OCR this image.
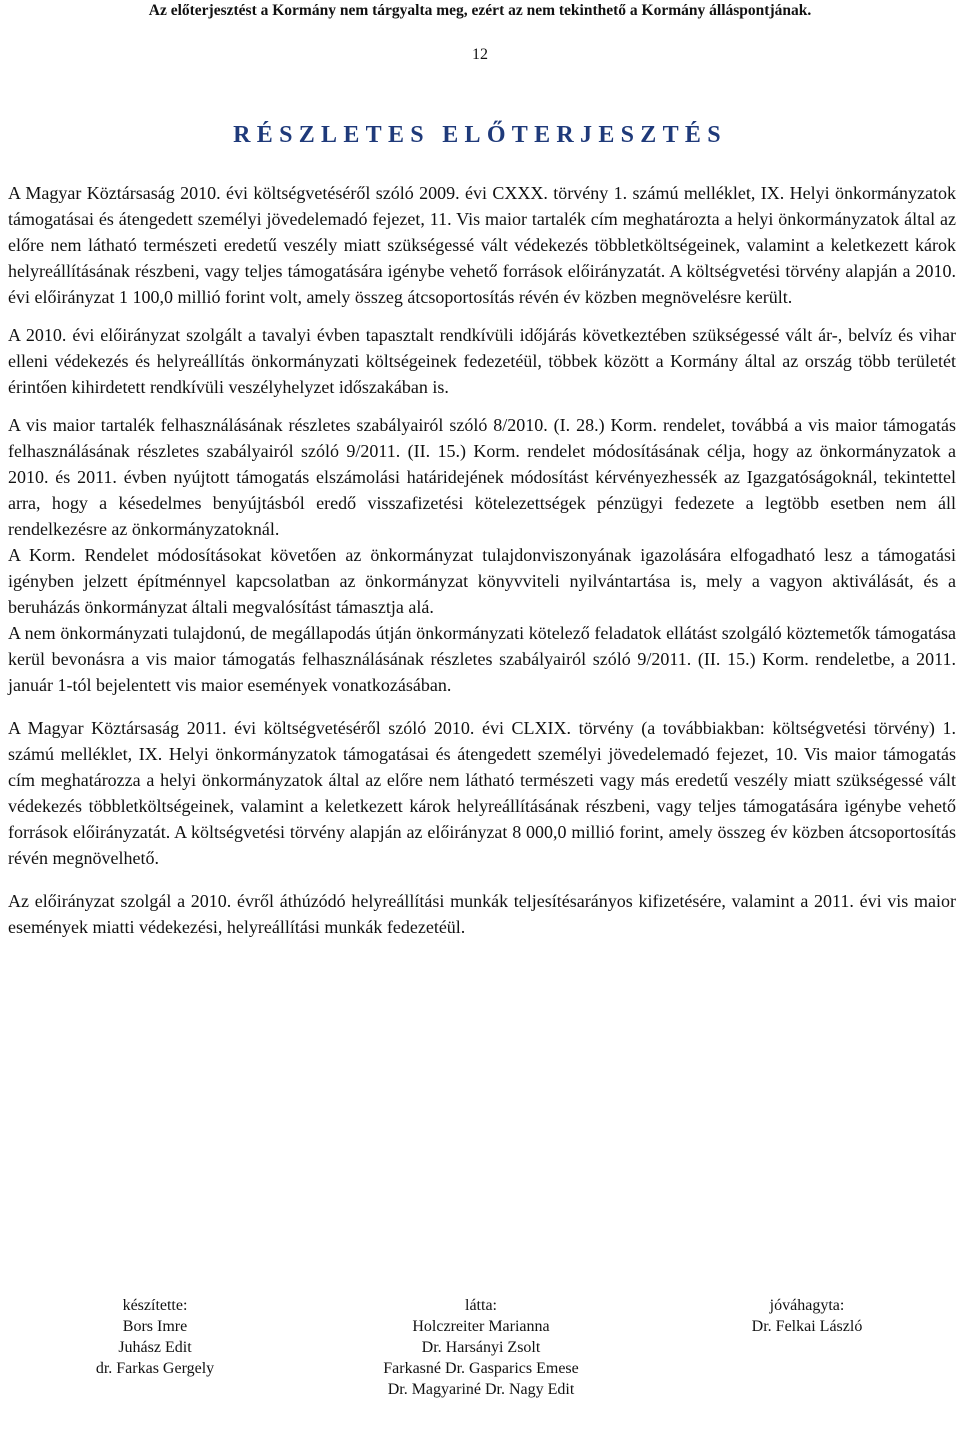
Az előterjesztést a Kormány nem tárgyalta meg, ezért az nem tekinthető a Kormány álláspontjának.
12
RÉSZLETES ELŐTERJESZTÉS

A Magyar Köztársaság 2010. évi költségvetéséről szóló 2009. évi CXXX. törvény 1. számú melléklet, IX. Helyi önkormányzatok támogatásai és átengedett személyi jövedelemadó fejezet, 11. Vis maior tartalék cím meghatározta a helyi önkormányzatok által az előre nem látható természeti eredetű veszély miatt szükségessé vált védekezés többletköltségeinek, valamint a keletkezett károk helyreállításának részbeni, vagy teljes támogatására igénybe vehető források előirányzatát. A költségvetési törvény alapján a 2010. évi előirányzat 1 100,0 millió forint volt, amely összeg átcsoportosítás révén év közben megnövelésre került.

A 2010. évi előirányzat szolgált a tavalyi évben tapasztalt rendkívüli időjárás következtében szükségessé vált ár-, belvíz és vihar elleni védekezés és helyreállítás önkormányzati költségeinek fedezetéül, többek között a Kormány által az ország több területét érintően kihirdetett rendkívüli veszélyhelyzet időszakában is.

A vis maior tartalék felhasználásának részletes szabályairól szóló 8/2010. (I. 28.) Korm. rendelet, továbbá a vis maior támogatás felhasználásának részletes szabályairól szóló 9/2011. (II. 15.) Korm. rendelet módosításának célja, hogy az önkormányzatok a 2010. és 2011. évben nyújtott támogatás elszámolási határidejének módosítást kérvényezhessék az Igazgatóságoknál, tekintettel arra, hogy a késedelmes benyújtásból eredő visszafizetési kötelezettségek pénzügyi fedezete a legtöbb esetben nem áll rendelkezésre az önkormányzatoknál.

A Korm. Rendelet módosításokat követően az önkormányzat tulajdonviszonyának igazolására elfogadható lesz a támogatási igényben jelzett építménnyel kapcsolatban az önkormányzat könyvviteli nyilvántartása is, mely a vagyon aktiválását, és a beruházás önkormányzat általi megvalósítást támasztja alá.

A nem önkormányzati tulajdonú, de megállapodás útján önkormányzati kötelező feladatok ellátást szolgáló köztemetők támogatása kerül bevonásra a vis maior támogatás felhasználásának részletes szabályairól szóló 9/2011. (II. 15.) Korm. rendeletbe, a 2011. január 1-tól bejelentett vis maior események vonatkozásában.

A Magyar Köztársaság 2011. évi költségvetéséről szóló 2010. évi CLXIX. törvény (a továbbiakban: költségvetési törvény) 1. számú melléklet, IX. Helyi önkormányzatok támogatásai és átengedett személyi jövedelemadó fejezet, 10. Vis maior támogatás cím meghatározza a helyi önkormányzatok által az előre nem látható természeti vagy más eredetű veszély miatt szükségessé vált védekezés többletköltségeinek, valamint a keletkezett károk helyreállításának részbeni, vagy teljes támogatására igénybe vehető források előirányzatát. A költségvetési törvény alapján az előirányzat 8 000,0 millió forint, amely összeg év közben átcsoportosítás révén megnövelhető.

Az előirányzat szolgál a 2010. évről áthúzódó helyreállítási munkák teljesítésarányos kifizetésére, valamint a 2011. évi vis maior események miatti védekezési, helyreállítási munkák fedezetéül.

készítette:
Bors Imre
Juhász Edit
dr. Farkas Gergely
látta:
Holczreiter Marianna
Dr. Harsányi Zsolt
Farkasné Dr. Gasparics Emese
Dr. Magyariné Dr. Nagy Edit
jóváhagyta:
Dr. Felkai László
